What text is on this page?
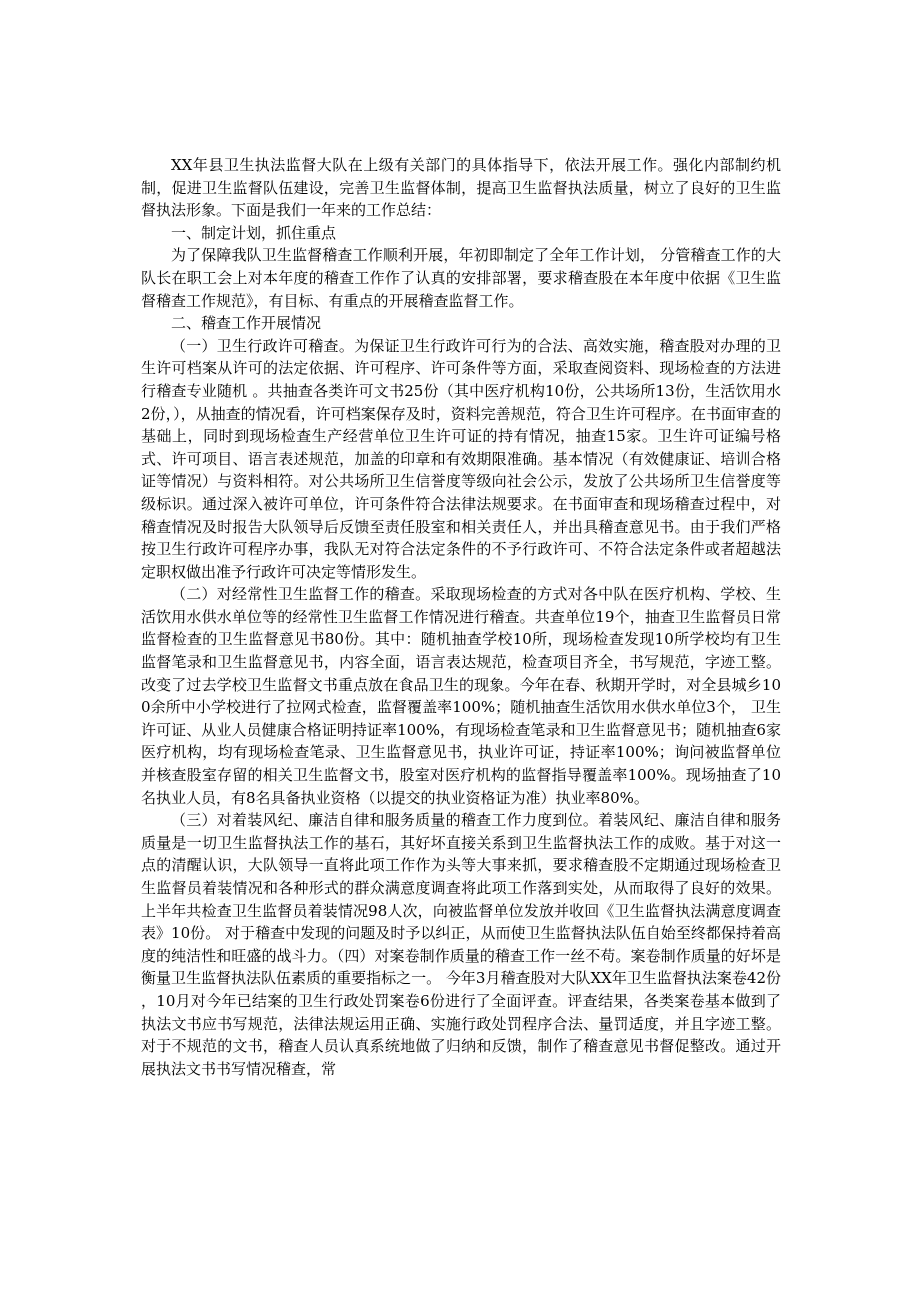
XX年县卫生执法监督大队在上级有关部门的具体指导下，依法开展工作。强化内部制约机制，促进卫生监督队伍建设，完善卫生监督体制，提高卫生监督执法质量，树立了良好的卫生监督执法形象。下面是我们一年来的工作总结：

一、制定计划，抓住重点

为了保障我队卫生监督稽查工作顺利开展，年初即制定了全年工作计划， 分管稽查工作的大队长在职工会上对本年度的稽查工作作了认真的安排部署，要求稽查股在本年度中依据《卫生监督稽查工作规范》，有目标、有重点的开展稽查监督工作。

二、稽查工作开展情况

（一）卫生行政许可稽查。为保证卫生行政许可行为的合法、高效实施，稽查股对办理的卫生许可档案从许可的法定依据、许可程序、许可条件等方面，采取查阅资料、现场检查的方法进行稽查专业随机 。共抽查各类许可文书25份（其中医疗机构10份，公共场所13份，生活饮用水2份，），从抽查的情况看，许可档案保存及时，资料完善规范，符合卫生许可程序。在书面审查的基础上，同时到现场检查生产经营单位卫生许可证的持有情况，抽查15家。卫生许可证编号格式、许可项目、语言表述规范，加盖的印章和有效期限准确。基本情况（有效健康证、培训合格证等情况）与资料相符。对公共场所卫生信誉度等级向社会公示，发放了公共场所卫生信誉度等级标识。通过深入被许可单位，许可条件符合法律法规要求。在书面审查和现场稽查过程中，对稽查情况及时报告大队领导后反馈至责任股室和相关责任人，并出具稽查意见书。由于我们严格按卫生行政许可程序办事，我队无对符合法定条件的不予行政许可、不符合法定条件或者超越法定职权做出准予行政许可决定等情形发生。

（二）对经常性卫生监督工作的稽查。采取现场检查的方式对各中队在医疗机构、学校、生活饮用水供水单位等的经常性卫生监督工作情况进行稽查。共查单位19个，抽查卫生监督员日常监督检查的卫生监督意见书80份。其中：随机抽查学校10所，现场检查发现10所学校均有卫生监督笔录和卫生监督意见书，内容全面，语言表达规范，检查项目齐全，书写规范，字迹工整。改变了过去学校卫生监督文书重点放在食品卫生的现象。今年在春、秋期开学时，对全县城乡100余所中小学校进行了拉网式检查，监督覆盖率100%；随机抽查生活饮用水供水单位3个， 卫生许可证、从业人员健康合格证明持证率100%，有现场检查笔录和卫生监督意见书；随机抽查6家医疗机构，均有现场检查笔录、卫生监督意见书，执业许可证，持证率100%；询问被监督单位并核查股室存留的相关卫生监督文书，股室对医疗机构的监督指导覆盖率100%。现场抽查了10名执业人员，有8名具备执业资格（以提交的执业资格证为准）执业率80%。

（三）对着装风纪、廉洁自律和服务质量的稽查工作力度到位。着装风纪、廉洁自律和服务质量是一切卫生监督执法工作的基石，其好坏直接关系到卫生监督执法工作的成败。基于对这一点的清醒认识，大队领导一直将此项工作作为头等大事来抓，要求稽查股不定期通过现场检查卫生监督员着装情况和各种形式的群众满意度调查将此项工作落到实处，从而取得了良好的效果。上半年共检查卫生监督员着装情况98人次，向被监督单位发放并收回《卫生监督执法满意度调查表》10份。 对于稽查中发现的问题及时予以纠正，从而使卫生监督执法队伍自始至终都保持着高度的纯洁性和旺盛的战斗力。（四）对案卷制作质量的稽查工作一丝不苟。案卷制作质量的好坏是衡量卫生监督执法队伍素质的重要指标之一。 今年3月稽查股对大队XX年卫生监督执法案卷42份 ，10月对今年已结案的卫生行政处罚案卷6份进行了全面评查。评查结果，各类案卷基本做到了执法文书应书写规范，法律法规运用正确、实施行政处罚程序合法、量罚适度，并且字迹工整。对于不规范的文书，稽查人员认真系统地做了归纳和反馈，制作了稽查意见书督促整改。通过开展执法文书书写情况稽查，常
